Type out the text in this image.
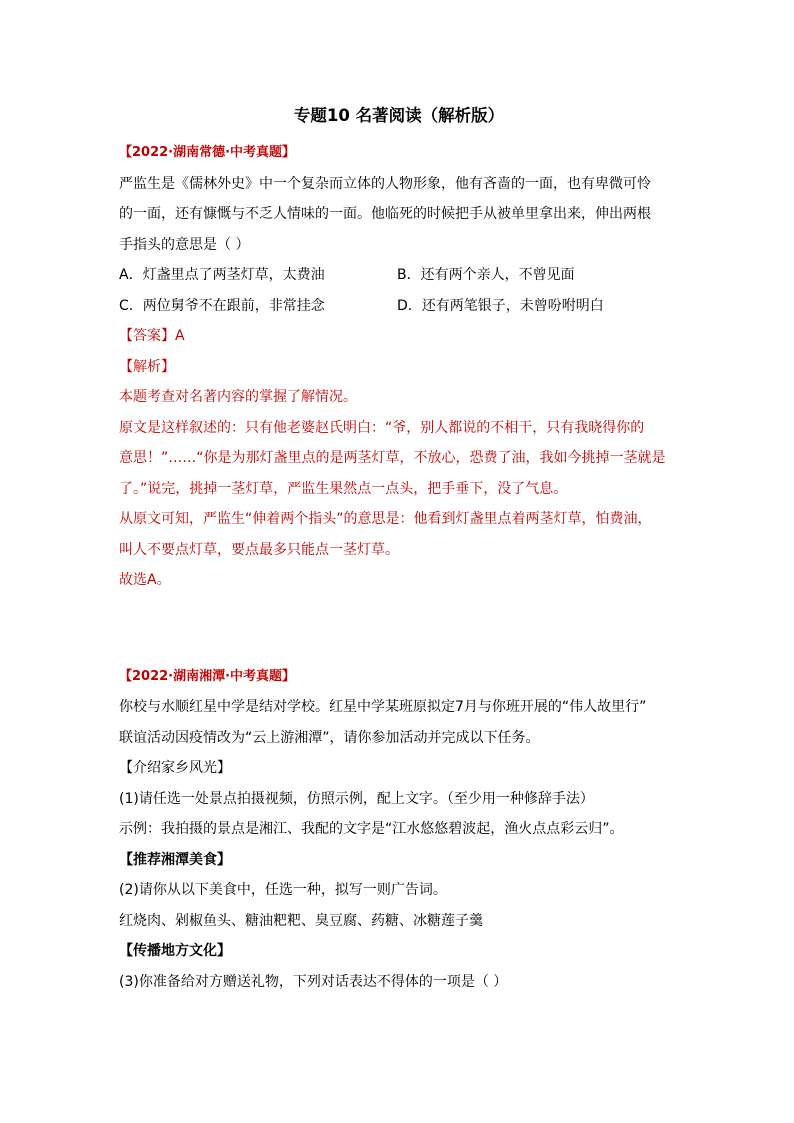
专题10 名著阅读（解析版）
【2022·湖南常德·中考真题】
严监生是《儒林外史》中一个复杂而立体的人物形象，他有吝啬的一面，也有卑微可怜
的一面，还有慷慨与不乏人情味的一面。他临死的时候把手从被单里拿出来，伸出两根
手指头的意思是（ ）
A．灯盏里点了两茎灯草，太费油	B．还有两个亲人，不曾见面
C．两位舅爷不在跟前，非常挂念	D．还有两笔银子，未曾吩咐明白
【答案】A
【解析】
本题考查对名著内容的掌握了解情况。
原文是这样叙述的：只有他老婆赵氏明白：“爷，别人都说的不相干，只有我晓得你的
意思！”……“你是为那灯盏里点的是两茎灯草，不放心，恐费了油，我如今挑掉一茎就是
了。”说完，挑掉一茎灯草，严监生果然点一点头，把手垂下，没了气息。
从原文可知，严监生“伸着两个指头”的意思是：他看到灯盏里点着两茎灯草，怕费油，
叫人不要点灯草，要点最多只能点一茎灯草。
故选A。
【2022·湖南湘潭·中考真题】
你校与水顺红星中学是结对学校。红星中学某班原拟定7月与你班开展的“伟人故里行”
联谊活动因疫情改为“云上游湘潭”，请你参加活动并完成以下任务。
【介绍家乡风光】
(1)请任选一处景点拍摄视频，仿照示例，配上文字。（至少用一种修辞手法）
示例：我拍摄的景点是湘江、我配的文字是“江水悠悠碧波起，渔火点点彩云归”。
【推荐湘潭美食】
(2)请你从以下美食中，任选一种，拟写一则广告词。
红烧肉、剁椒鱼头、糖油粑粑、臭豆腐、药糖、冰糖莲子羹
【传播地方文化】
(3)你准备给对方赠送礼物，下列对话表达不得体的一项是（ ）
